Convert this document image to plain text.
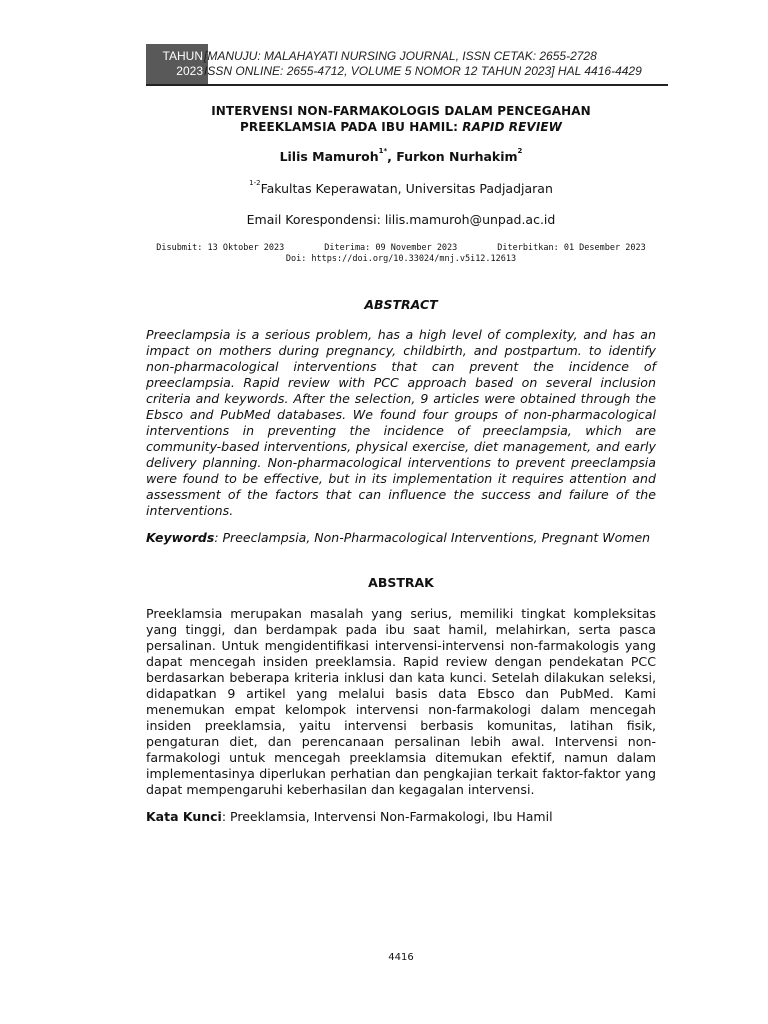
TAHUN
2023
[MANUJU: MALAHAYATI NURSING JOURNAL, ISSN CETAK: 2655-2728
ISSN ONLINE: 2655-4712, VOLUME 5 NOMOR 12 TAHUN 2023] HAL 4416-4429
INTERVENSI NON-FARMAKOLOGIS DALAM PENCEGAHAN
PREEKLAMSIA PADA IBU HAMIL: RAPID REVIEW
Lilis Mamuroh$^{1*}$, Furkon Nurhakim$^2$
$^{1-2}$Fakultas Keperawatan, Universitas Padjadjaran
Email Korespondensi: lilis.mamuroh@unpad.ac.id
Disubmit: 13 Oktober 2023	Diterima: 09 November 2023	Diterbitkan: 01 Desember 2023
Doi: https://doi.org/10.33024/mnj.v5i12.12613
ABSTRACT
Preeclampsia is a serious problem, has a high level of complexity, and has an impact on mothers during pregnancy, childbirth, and postpartum. to identify non-pharmacological interventions that can prevent the incidence of preeclampsia. Rapid review with PCC approach based on several inclusion criteria and keywords. After the selection, 9 articles were obtained through the Ebsco and PubMed databases. We found four groups of non-pharmacological interventions in preventing the incidence of preeclampsia, which are community-based interventions, physical exercise, diet management, and early delivery planning. Non-pharmacological interventions to prevent preeclampsia were found to be effective, but in its implementation it requires attention and assessment of the factors that can influence the success and failure of the interventions.
Keywords: Preeclampsia, Non-Pharmacological Interventions, Pregnant Women
ABSTRAK
Preeklamsia merupakan masalah yang serius, memiliki tingkat kompleksitas yang tinggi, dan berdampak pada ibu saat hamil, melahirkan, serta pasca persalinan. Untuk mengidentifikasi intervensi-intervensi non-farmakologis yang dapat mencegah insiden preeklamsia. Rapid review dengan pendekatan PCC berdasarkan beberapa kriteria inklusi dan kata kunci. Setelah dilakukan seleksi, didapatkan 9 artikel yang melalui basis data Ebsco dan PubMed. Kami menemukan empat kelompok intervensi non-farmakologi dalam mencegah insiden preeklamsia, yaitu intervensi berbasis komunitas, latihan fisik, pengaturan diet, dan perencanaan persalinan lebih awal. Intervensi non-farmakologi untuk mencegah preeklamsia ditemukan efektif, namun dalam implementasinya diperlukan perhatian dan pengkajian terkait faktor-faktor yang dapat mempengaruhi keberhasilan dan kegagalan intervensi.
Kata Kunci: Preeklamsia, Intervensi Non-Farmakologi, Ibu Hamil
4416
